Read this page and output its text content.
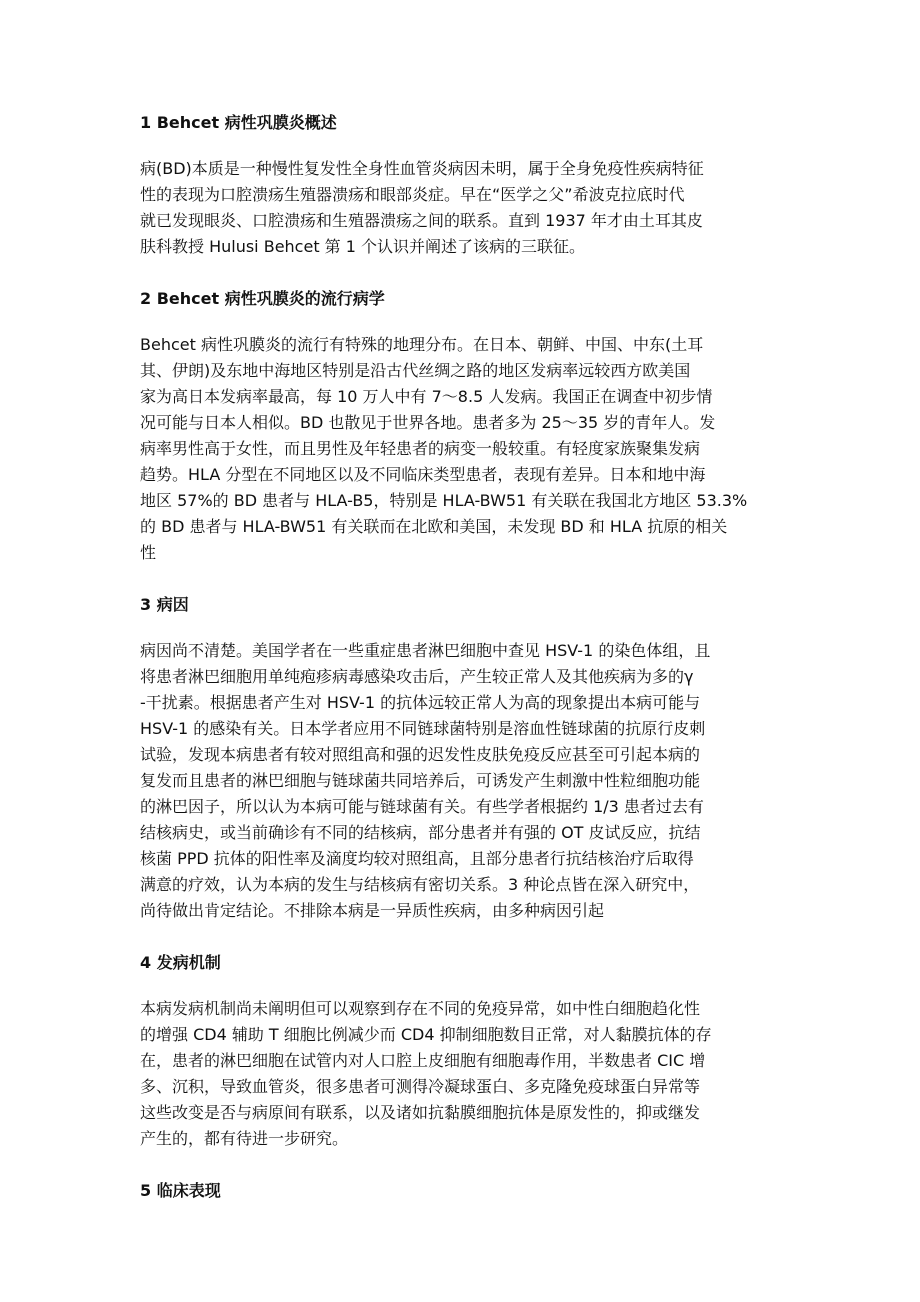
1 Behcet 病性巩膜炎概述
病(BD)本质是一种慢性复发性全身性血管炎病因未明，属于全身免疫性疾病特征
性的表现为口腔溃疡生殖器溃疡和眼部炎症。早在“医学之父”希波克拉底时代
就已发现眼炎、口腔溃疡和生殖器溃疡之间的联系。直到 1937 年才由土耳其皮
肤科教授 Hulusi Behcet 第 1 个认识并阐述了该病的三联征。
2 Behcet 病性巩膜炎的流行病学
Behcet 病性巩膜炎的流行有特殊的地理分布。在日本、朝鲜、中国、中东(土耳
其、伊朗)及东地中海地区特别是沿古代丝绸之路的地区发病率远较西方欧美国
家为高日本发病率最高，每 10 万人中有 7～8.5 人发病。我国正在调查中初步情
况可能与日本人相似。BD 也散见于世界各地。患者多为 25～35 岁的青年人。发
病率男性高于女性，而且男性及年轻患者的病变一般较重。有轻度家族聚集发病
趋势。HLA 分型在不同地区以及不同临床类型患者，表现有差异。日本和地中海
地区 57%的 BD 患者与 HLA-B5，特别是 HLA-BW51 有关联在我国北方地区 53.3%
的 BD 患者与 HLA-BW51 有关联而在北欧和美国，未发现 BD 和 HLA 抗原的相关
性
3 病因
病因尚不清楚。美国学者在一些重症患者淋巴细胞中查见 HSV-1 的染色体组，且
将患者淋巴细胞用单纯疱疹病毒感染攻击后，产生较正常人及其他疾病为多的γ
-干扰素。根据患者产生对 HSV-1 的抗体远较正常人为高的现象提出本病可能与
HSV-1 的感染有关。日本学者应用不同链球菌特别是溶血性链球菌的抗原行皮刺
试验，发现本病患者有较对照组高和强的迟发性皮肤免疫反应甚至可引起本病的
复发而且患者的淋巴细胞与链球菌共同培养后，可诱发产生刺激中性粒细胞功能
的淋巴因子，所以认为本病可能与链球菌有关。有些学者根据约 1/3 患者过去有
结核病史，或当前确诊有不同的结核病，部分患者并有强的 OT 皮试反应，抗结
核菌 PPD 抗体的阳性率及滴度均较对照组高，且部分患者行抗结核治疗后取得
满意的疗效，认为本病的发生与结核病有密切关系。3 种论点皆在深入研究中，
尚待做出肯定结论。不排除本病是一异质性疾病，由多种病因引起
4 发病机制
本病发病机制尚未阐明但可以观察到存在不同的免疫异常，如中性白细胞趋化性
的增强 CD4 辅助 T 细胞比例减少而 CD4 抑制细胞数目正常，对人黏膜抗体的存
在，患者的淋巴细胞在试管内对人口腔上皮细胞有细胞毒作用，半数患者 CIC 增
多、沉积，导致血管炎，很多患者可测得冷凝球蛋白、多克隆免疫球蛋白异常等
这些改变是否与病原间有联系，以及诸如抗黏膜细胞抗体是原发性的，抑或继发
产生的，都有待进一步研究。
5 临床表现
